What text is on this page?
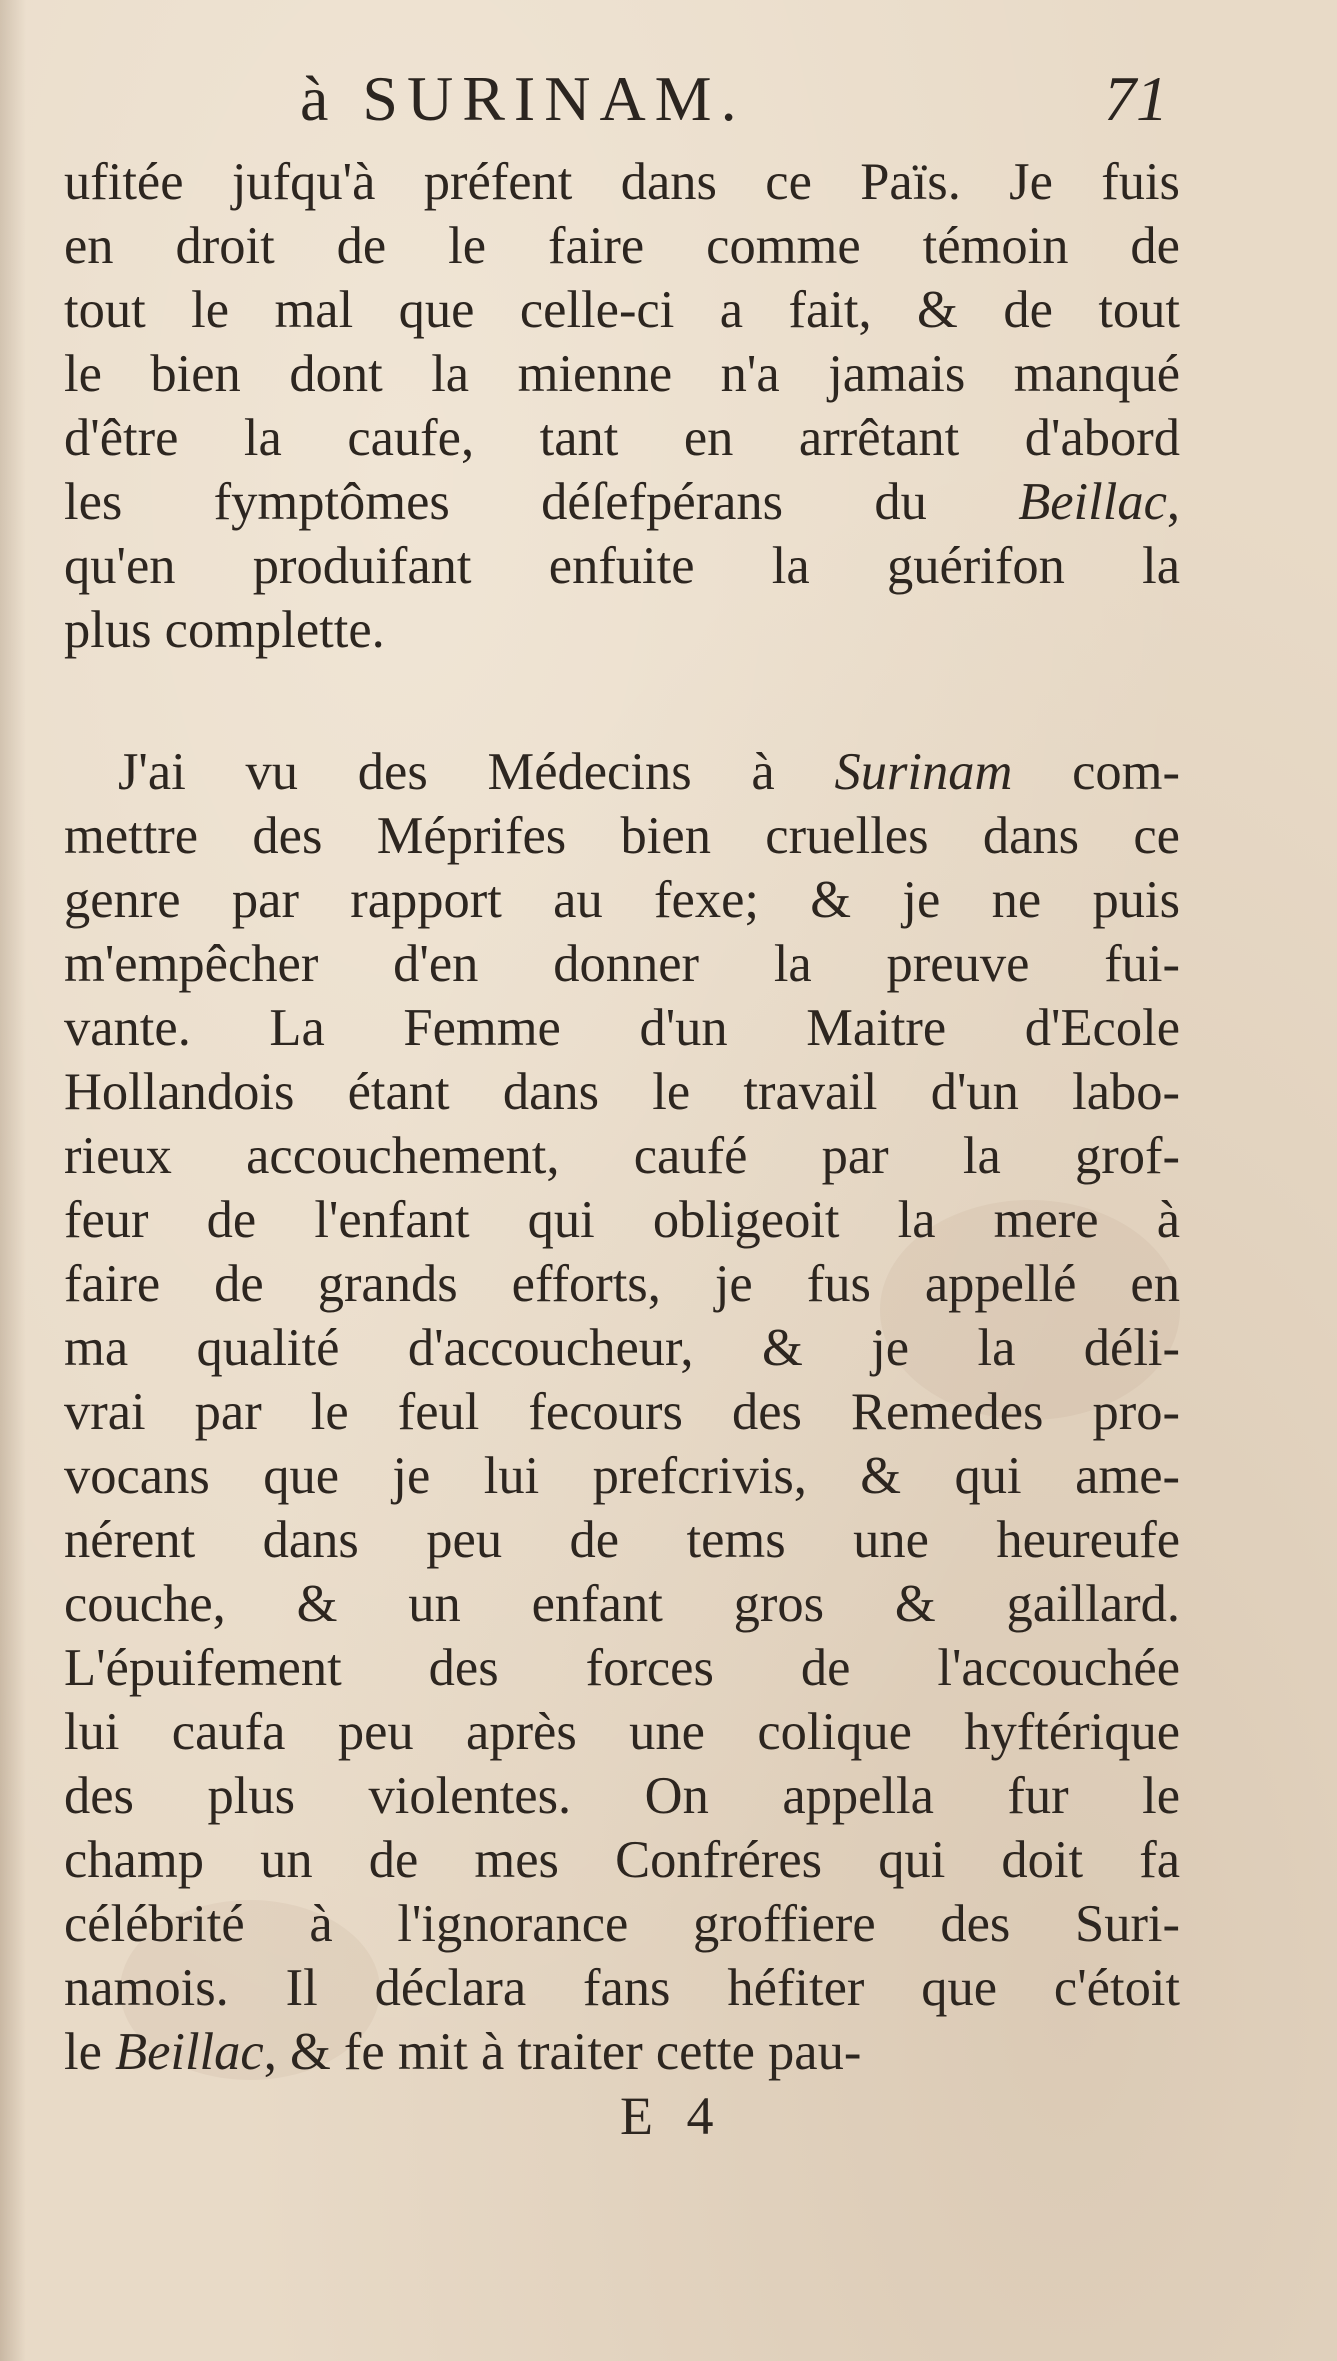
à SURINAM.	71
ufitée jufqu'à préfent dans ce Païs. Je fuis
en droit de le faire comme témoin de
tout le mal que celle-ci a fait, & de tout
le bien dont la mienne n'a jamais manqué
d'être la caufe, tant en arrêtant d'abord
les fymptômes déſefpérans du Beillac,
qu'en produifant enfuite la guérifon la
plus complette.
J'ai vu des Médecins à Surinam com-
mettre des Méprifes bien cruelles dans ce
genre par rapport au fexe; & je ne puis
m'empêcher d'en donner la preuve fui-
vante. La Femme d'un Maitre d'Ecole
Hollandois étant dans le travail d'un labo-
rieux accouchement, caufé par la grof-
feur de l'enfant qui obligeoit la mere à
faire de grands efforts, je fus appellé en
ma qualité d'accoucheur, & je la déli-
vrai par le feul fecours des Remedes pro-
vocans que je lui prefcrivis, & qui ame-
nérent dans peu de tems une heureufe
couche, & un enfant gros & gaillard.
L'épuifement des forces de l'accouchée
lui caufa peu après une colique hyftérique
des plus violentes. On appella fur le
champ un de mes Confréres qui doit fa
célébrité à l'ignorance groffiere des Suri-
namois. Il déclara fans héfiter que c'étoit
le Beillac, & fe mit à traiter cette pau-
E 4
